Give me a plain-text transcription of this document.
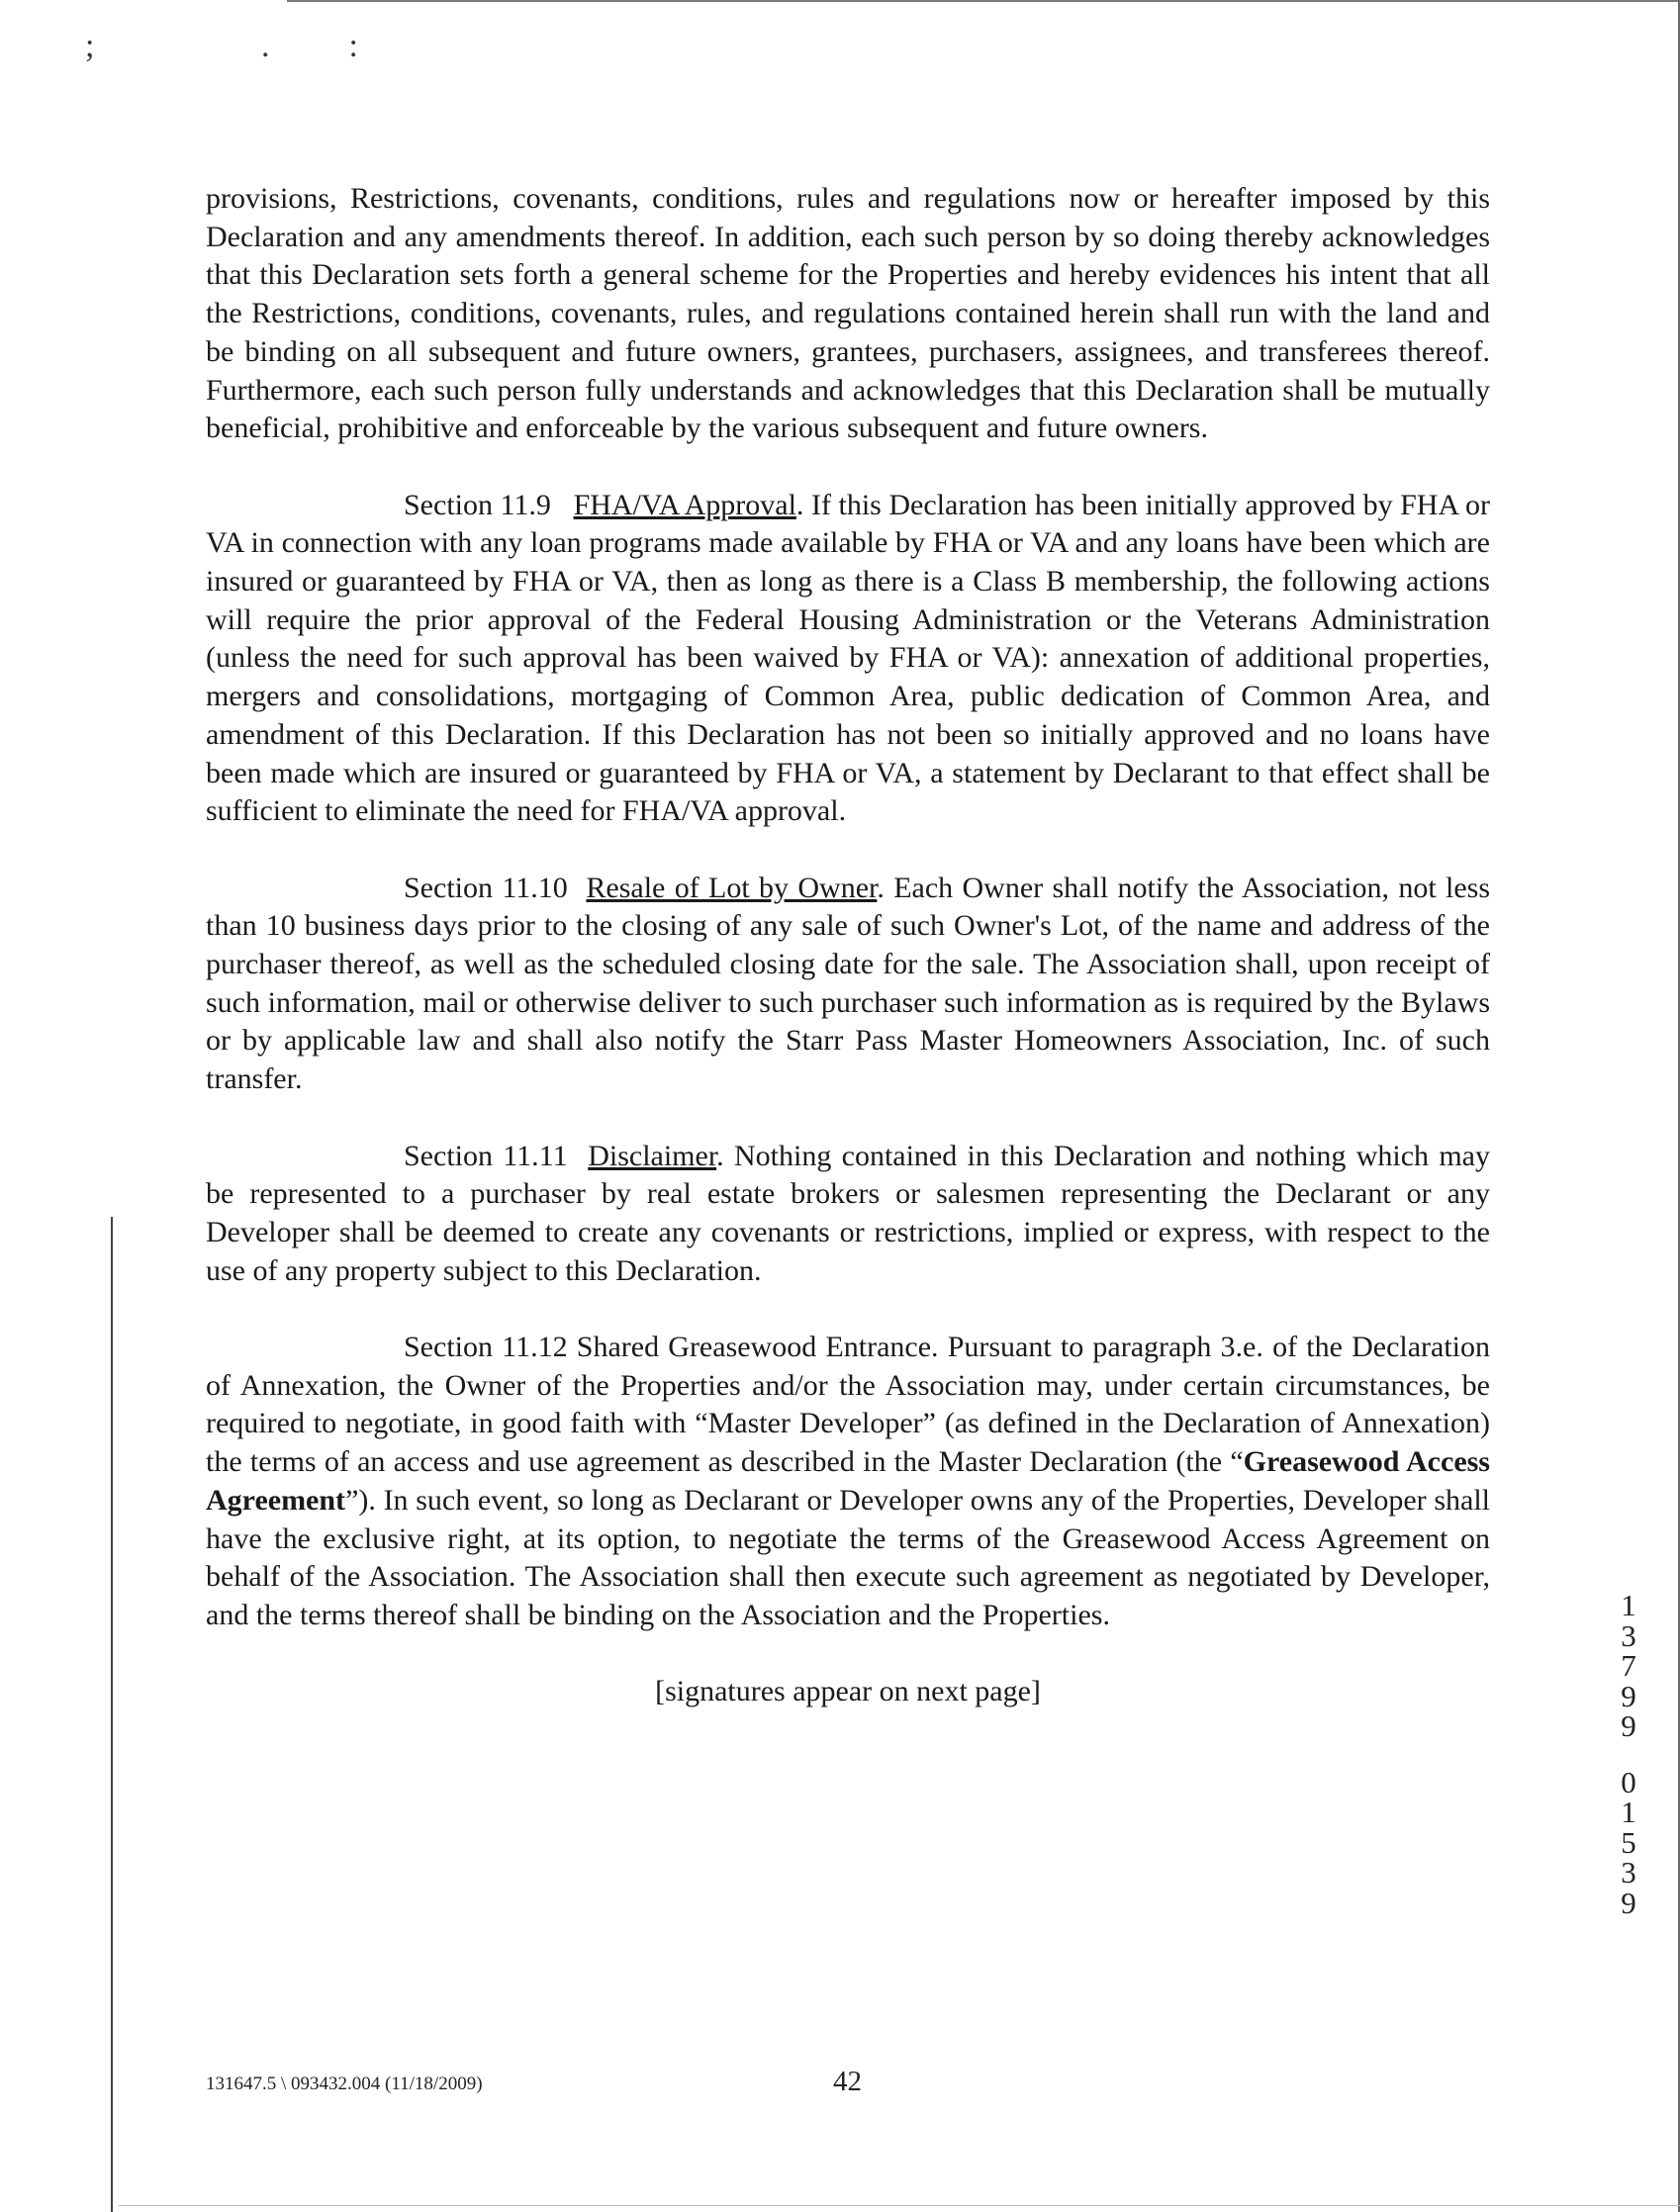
; .:

provisions, Restrictions, covenants, conditions, rules and regulations now or hereafter imposed by this Declaration and any amendments thereof. In addition, each such person by so doing thereby acknowledges that this Declaration sets forth a general scheme for the Properties and hereby evidences his intent that all the Restrictions, conditions, covenants, rules, and regulations contained herein shall run with the land and be binding on all subsequent and future owners, grantees, purchasers, assignees, and transferees thereof. Furthermore, each such person fully understands and acknowledges that this Declaration shall be mutually beneficial, prohibitive and enforceable by the various subsequent and future owners.

Section 11.9 FHA/VA Approval. If this Declaration has been initially approved by FHA or VA in connection with any loan programs made available by FHA or VA and any loans have been which are insured or guaranteed by FHA or VA, then as long as there is a Class B membership, the following actions will require the prior approval of the Federal Housing Administration or the Veterans Administration (unless the need for such approval has been waived by FHA or VA): annexation of additional properties, mergers and consolidations, mortgaging of Common Area, public dedication of Common Area, and amendment of this Declaration. If this Declaration has not been so initially approved and no loans have been made which are insured or guaranteed by FHA or VA, a statement by Declarant to that effect shall be sufficient to eliminate the need for FHA/VA approval.

Section 11.10 Resale of Lot by Owner. Each Owner shall notify the Association, not less than 10 business days prior to the closing of any sale of such Owner's Lot, of the name and address of the purchaser thereof, as well as the scheduled closing date for the sale. The Association shall, upon receipt of such information, mail or otherwise deliver to such purchaser such information as is required by the Bylaws or by applicable law and shall also notify the Starr Pass Master Homeowners Association, Inc. of such transfer.

Section 11.11 Disclaimer. Nothing contained in this Declaration and nothing which may be represented to a purchaser by real estate brokers or salesmen representing the Declarant or any Developer shall be deemed to create any covenants or restrictions, implied or express, with respect to the use of any property subject to this Declaration.

Section 11.12 Shared Greasewood Entrance. Pursuant to paragraph 3.e. of the Declaration of Annexation, the Owner of the Properties and/or the Association may, under certain circumstances, be required to negotiate, in good faith with “Master Developer” (as defined in the Declaration of Annexation) the terms of an access and use agreement as described in the Master Declaration (the “Greasewood Access Agreement”). In such event, so long as Declarant or Developer owns any of the Properties, Developer shall have the exclusive right, at its option, to negotiate the terms of the Greasewood Access Agreement on behalf of the Association. The Association shall then execute such agreement as negotiated by Developer, and the terms thereof shall be binding on the Association and the Properties.

[signatures appear on next page]

1
3
7
9
9
0
1
5
3
9
131647.5 \ 093432.004 (11/18/2009)	42
